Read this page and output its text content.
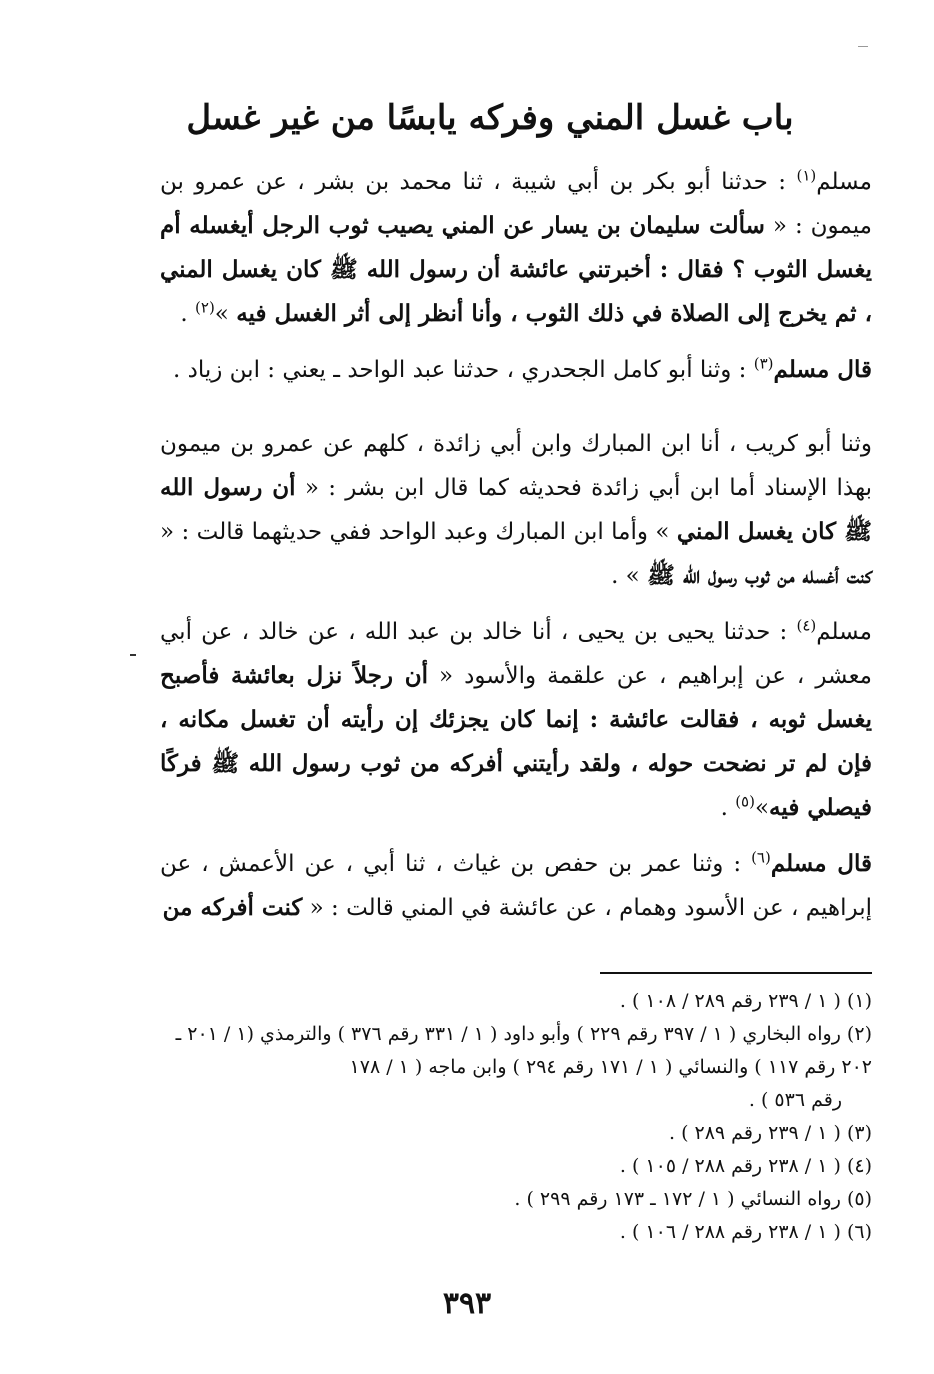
باب غسل المني وفركه يابسًا من غير غسل

مسلم$^{(١)}$ : حدثنا أبو بكر بن أبي شيبة ، ثنا محمد بن بشر ، عن عمرو بن ميمون : « سألت سليمان بن يسار عن المني يصيب ثوب الرجل أيغسله أم يغسل الثوب ؟ فقال : أخبرتني عائشة أن رسول الله ﷺ كان يغسل المني ، ثم يخرج إلى الصلاة في ذلك الثوب ، وأنا أنظر إلى أثر الغسل فيه »$^{(٢)}$ .

قال مسلم$^{(٣)}$ : وثنا أبو كامل الجحدري ، حدثنا عبد الواحد ـ يعني : ابن زياد .

وثنا أبو كريب ، أنا ابن المبارك وابن أبي زائدة ، كلهم عن عمرو بن ميمون بهذا الإسناد أما ابن أبي زائدة فحديثه كما قال ابن بشر : « أن رسول الله ﷺ كان يغسل المني » وأما ابن المبارك وعبد الواحد ففي حديثهما قالت : « كنت أغسله من ثوب رسول الله ﷺ » .

مسلم$^{(٤)}$ : حدثنا يحيى بن يحيى ، أنا خالد بن عبد الله ، عن خالد ، عن أبي معشر ، عن إبراهيم ، عن علقمة والأسود « أن رجلاً نزل بعائشة فأصبح يغسل ثوبه ، فقالت عائشة : إنما كان يجزئك إن رأيته أن تغسل مكانه ، فإن لم تر نضحت حوله ، ولقد رأيتني أفركه من ثوب رسول الله ﷺ فركًا فيصلي فيه»$^{(٥)}$ .

قال مسلم$^{(٦)}$ : وثنا عمر بن حفص بن غياث ، ثنا أبي ، عن الأعمش ، عن إبراهيم ، عن الأسود وهمام ، عن عائشة في المني قالت : « كنت أفركه من

(١) ( ١ / ٢٣٩ رقم ٢٨٩ / ١٠٨ ) .

(٢) رواه البخاري ( ١ / ٣٩٧ رقم ٢٢٩ ) وأبو داود ( ١ / ٣٣١ رقم ٣٧٦ ) والترمذي (١ / ٢٠١ ـ ٢٠٢ رقم ١١٧ ) والنسائي ( ١ / ١٧١ رقم ٢٩٤ ) وابن ماجه ( ١ / ١٧٨

رقم ٥٣٦ ) .

(٣) ( ١ / ٢٣٩ رقم ٢٨٩ ) .

(٤) ( ١ / ٢٣٨ رقم ٢٨٨ / ١٠٥ ) .

(٥) رواه النسائي ( ١ / ١٧٢ ـ ١٧٣ رقم ٢٩٩ ) .

(٦) ( ١ / ٢٣٨ رقم ٢٨٨ / ١٠٦ ) .

٣٩٣
